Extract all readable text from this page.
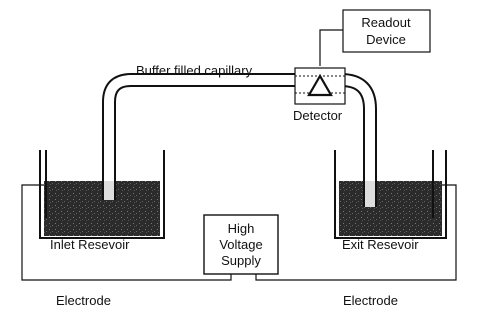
Readout
Device
Buffer filled capillary
Detector
Inlet Resevoir	Exit Resevoir
High
Voltage
Supply
Electrode	Electrode
